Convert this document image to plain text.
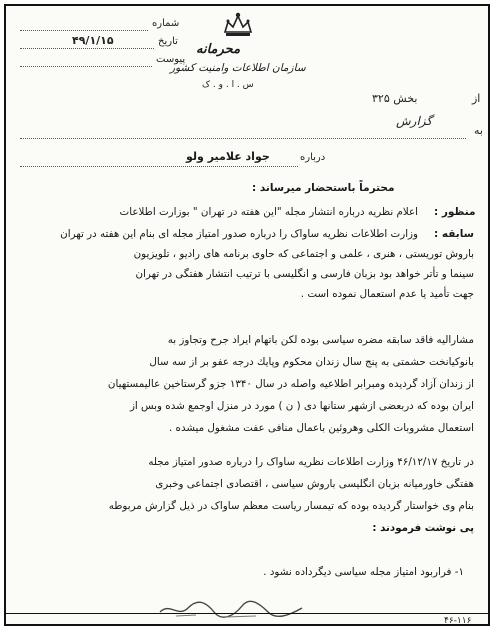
شماره
تاریخ
۴۹/۱/۱۵
پیوست
محرمانه
سازمان اطلاعات وامنیت کشور
س . ا . و . ک
از
بخش ۳۲۵
گزارش
به
درباره
جواد علامیر ولو
محترماً باستحضار میرساند :
منظور :
اعلام نظریه درباره انتشار مجله "این هفته در تهران " بوزارت اطلاعات
سابقه :
وزارت اطلاعات نظریه ساواک را درباره صدور امتیاز مجله ای بنام این هفته در تهران
باروش توریستی ، هنری ، علمی و اجتماعی که حاوی برنامه های رادیو ، تلویزیون
سینما و تأتر خواهد بود بزبان فارسی و انگلیسی با ترتیب انتشار هفتگی در تهران
جهت تأمید یا عدم استعمال نموده است .
مشارالیه فاقد سابقه مضره سیاسی بوده لکن باتهام ایراد جرح وتجاوز به
بانوکیانخت حشمتی به پنج سال زندان محکوم وپایك درجه عفو بر از سه سال
از زندان آزاد گردیده ومبرابر اطلاعیه واصله در سال ۱۳۴۰ جزو گرستاخین عالیمستهیان
ایران بوده که دربعضی ازشهر ستانها دی ( ن ) مورد در منزل اوجمع شده وبس از
استعمال مشروبات الکلی وهروئین باعمال منافی عفت مشغول میشده .
در تاریخ ۴۶/۱۲/۱۷ وزارت اطلاعات نظریه ساواک را درباره صدور امتیاز مجله
هفتگی خاورمیانه بزبان انگلیسی باروش سیاسی ، اقتصادی اجتماعی وخبری
بنام وی خواستار گردیده بوده که تیمسار ریاست معظم ساواک در ذیل گزارش مربوطه
پی نوشت فرمودند :
۱- فراربود امتیاز مجله سیاسی دیگرداده نشود .
۴۶-۱۱۶
